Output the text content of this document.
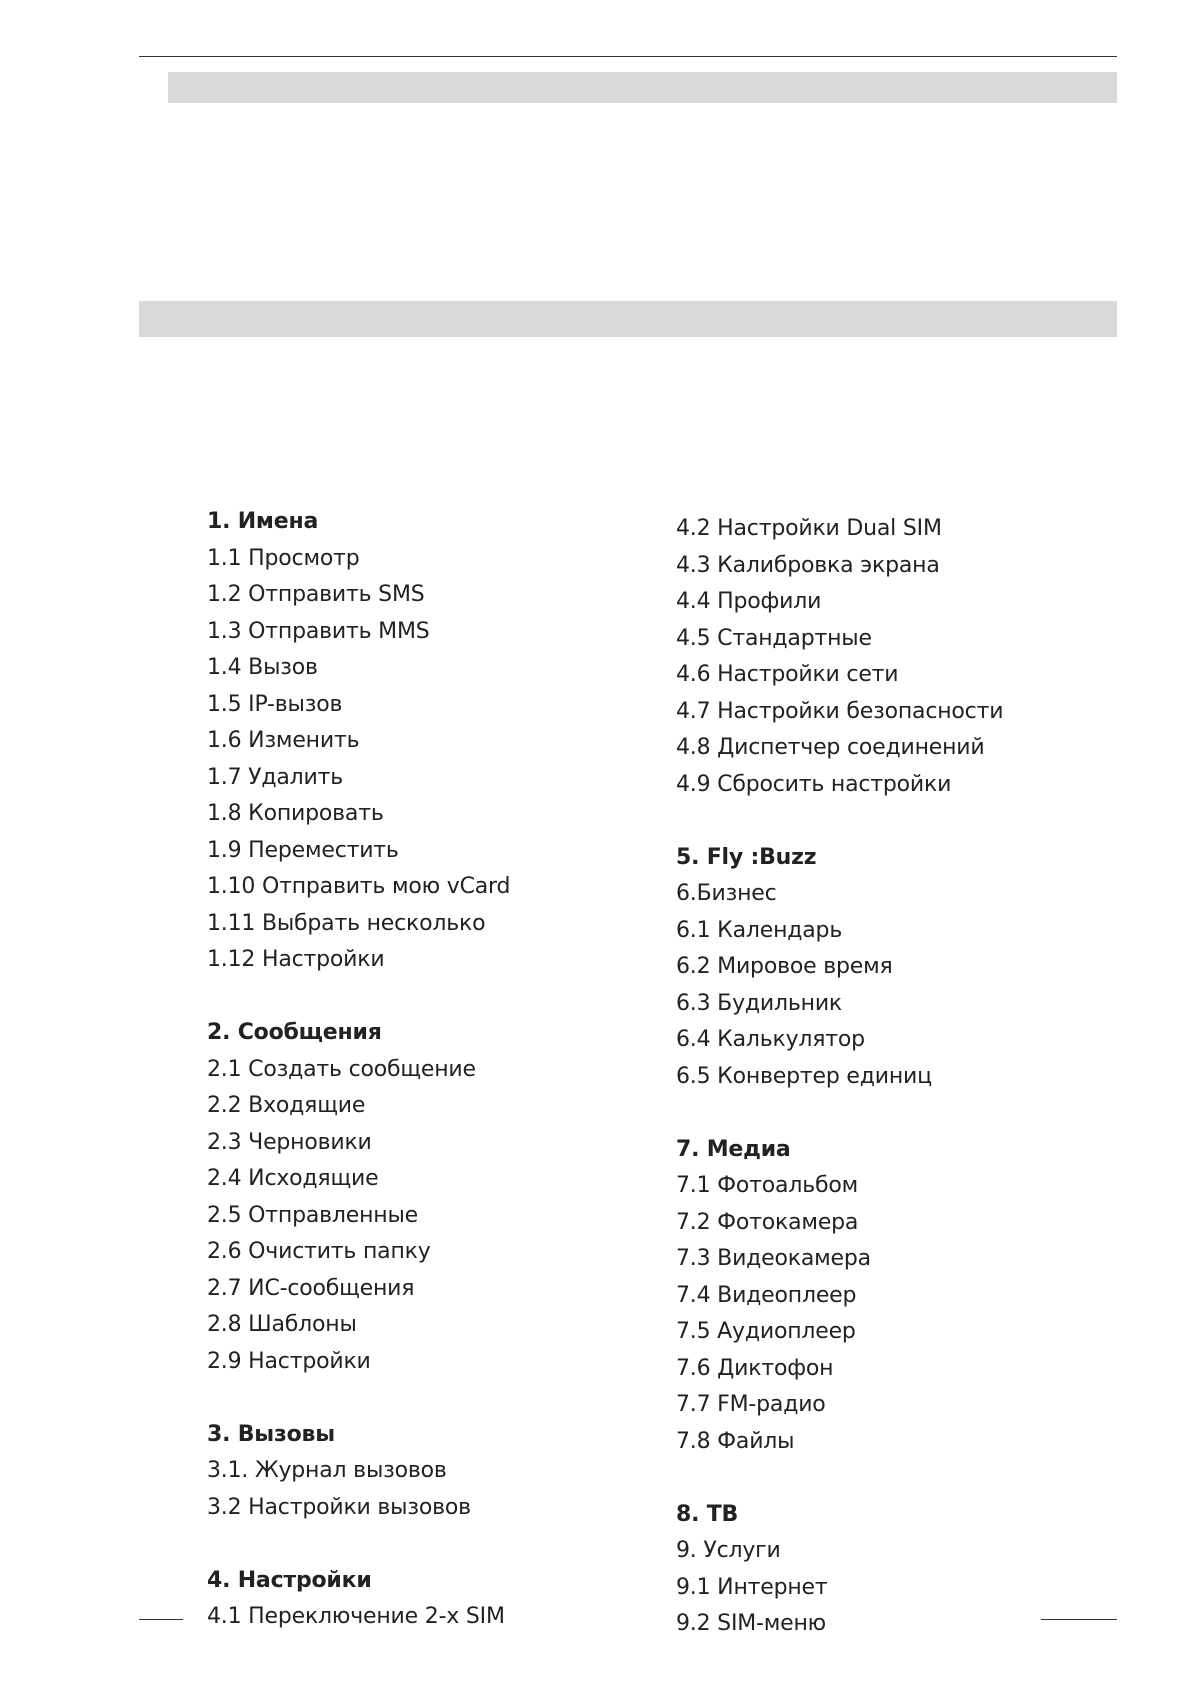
1. Имена
1.1 Просмотр
1.2 Отправить SMS
1.3 Отправить MMS
1.4 Вызов
1.5 IP-вызов
1.6 Изменить
1.7 Удалить
1.8 Копировать
1.9 Переместить
1.10 Отправить мою vCard
1.11 Выбрать несколько
1.12 Настройки
2. Сообщения
2.1 Создать сообщение
2.2 Входящие
2.3 Черновики
2.4 Исходящие
2.5 Отправленные
2.6 Очистить папку
2.7 ИС-сообщения
2.8 Шаблоны
2.9 Настройки
3. Вызовы
3.1. Журнал вызовов
3.2 Настройки вызовов
4. Настройки
4.1 Переключение 2-х SIM
4.2 Настройки Dual SIM
4.3 Калибровка экрана
4.4 Профили
4.5 Стандартные
4.6 Настройки сети
4.7 Настройки безопасности
4.8 Диспетчер соединений
4.9 Сбросить настройки
5. Fly :Buzz
6.Бизнес
6.1 Календарь
6.2 Мировое время
6.3 Будильник
6.4 Калькулятор
6.5 Конвертер единиц
7. Медиа
7.1 Фотоальбом
7.2 Фотокамера
7.3 Видеокамера
7.4 Видеоплеер
7.5 Аудиоплеер
7.6 Диктофон
7.7 FM-радио
7.8 Файлы
8. ТВ
9. Услуги
9.1 Интернет
9.2 SIM-меню
